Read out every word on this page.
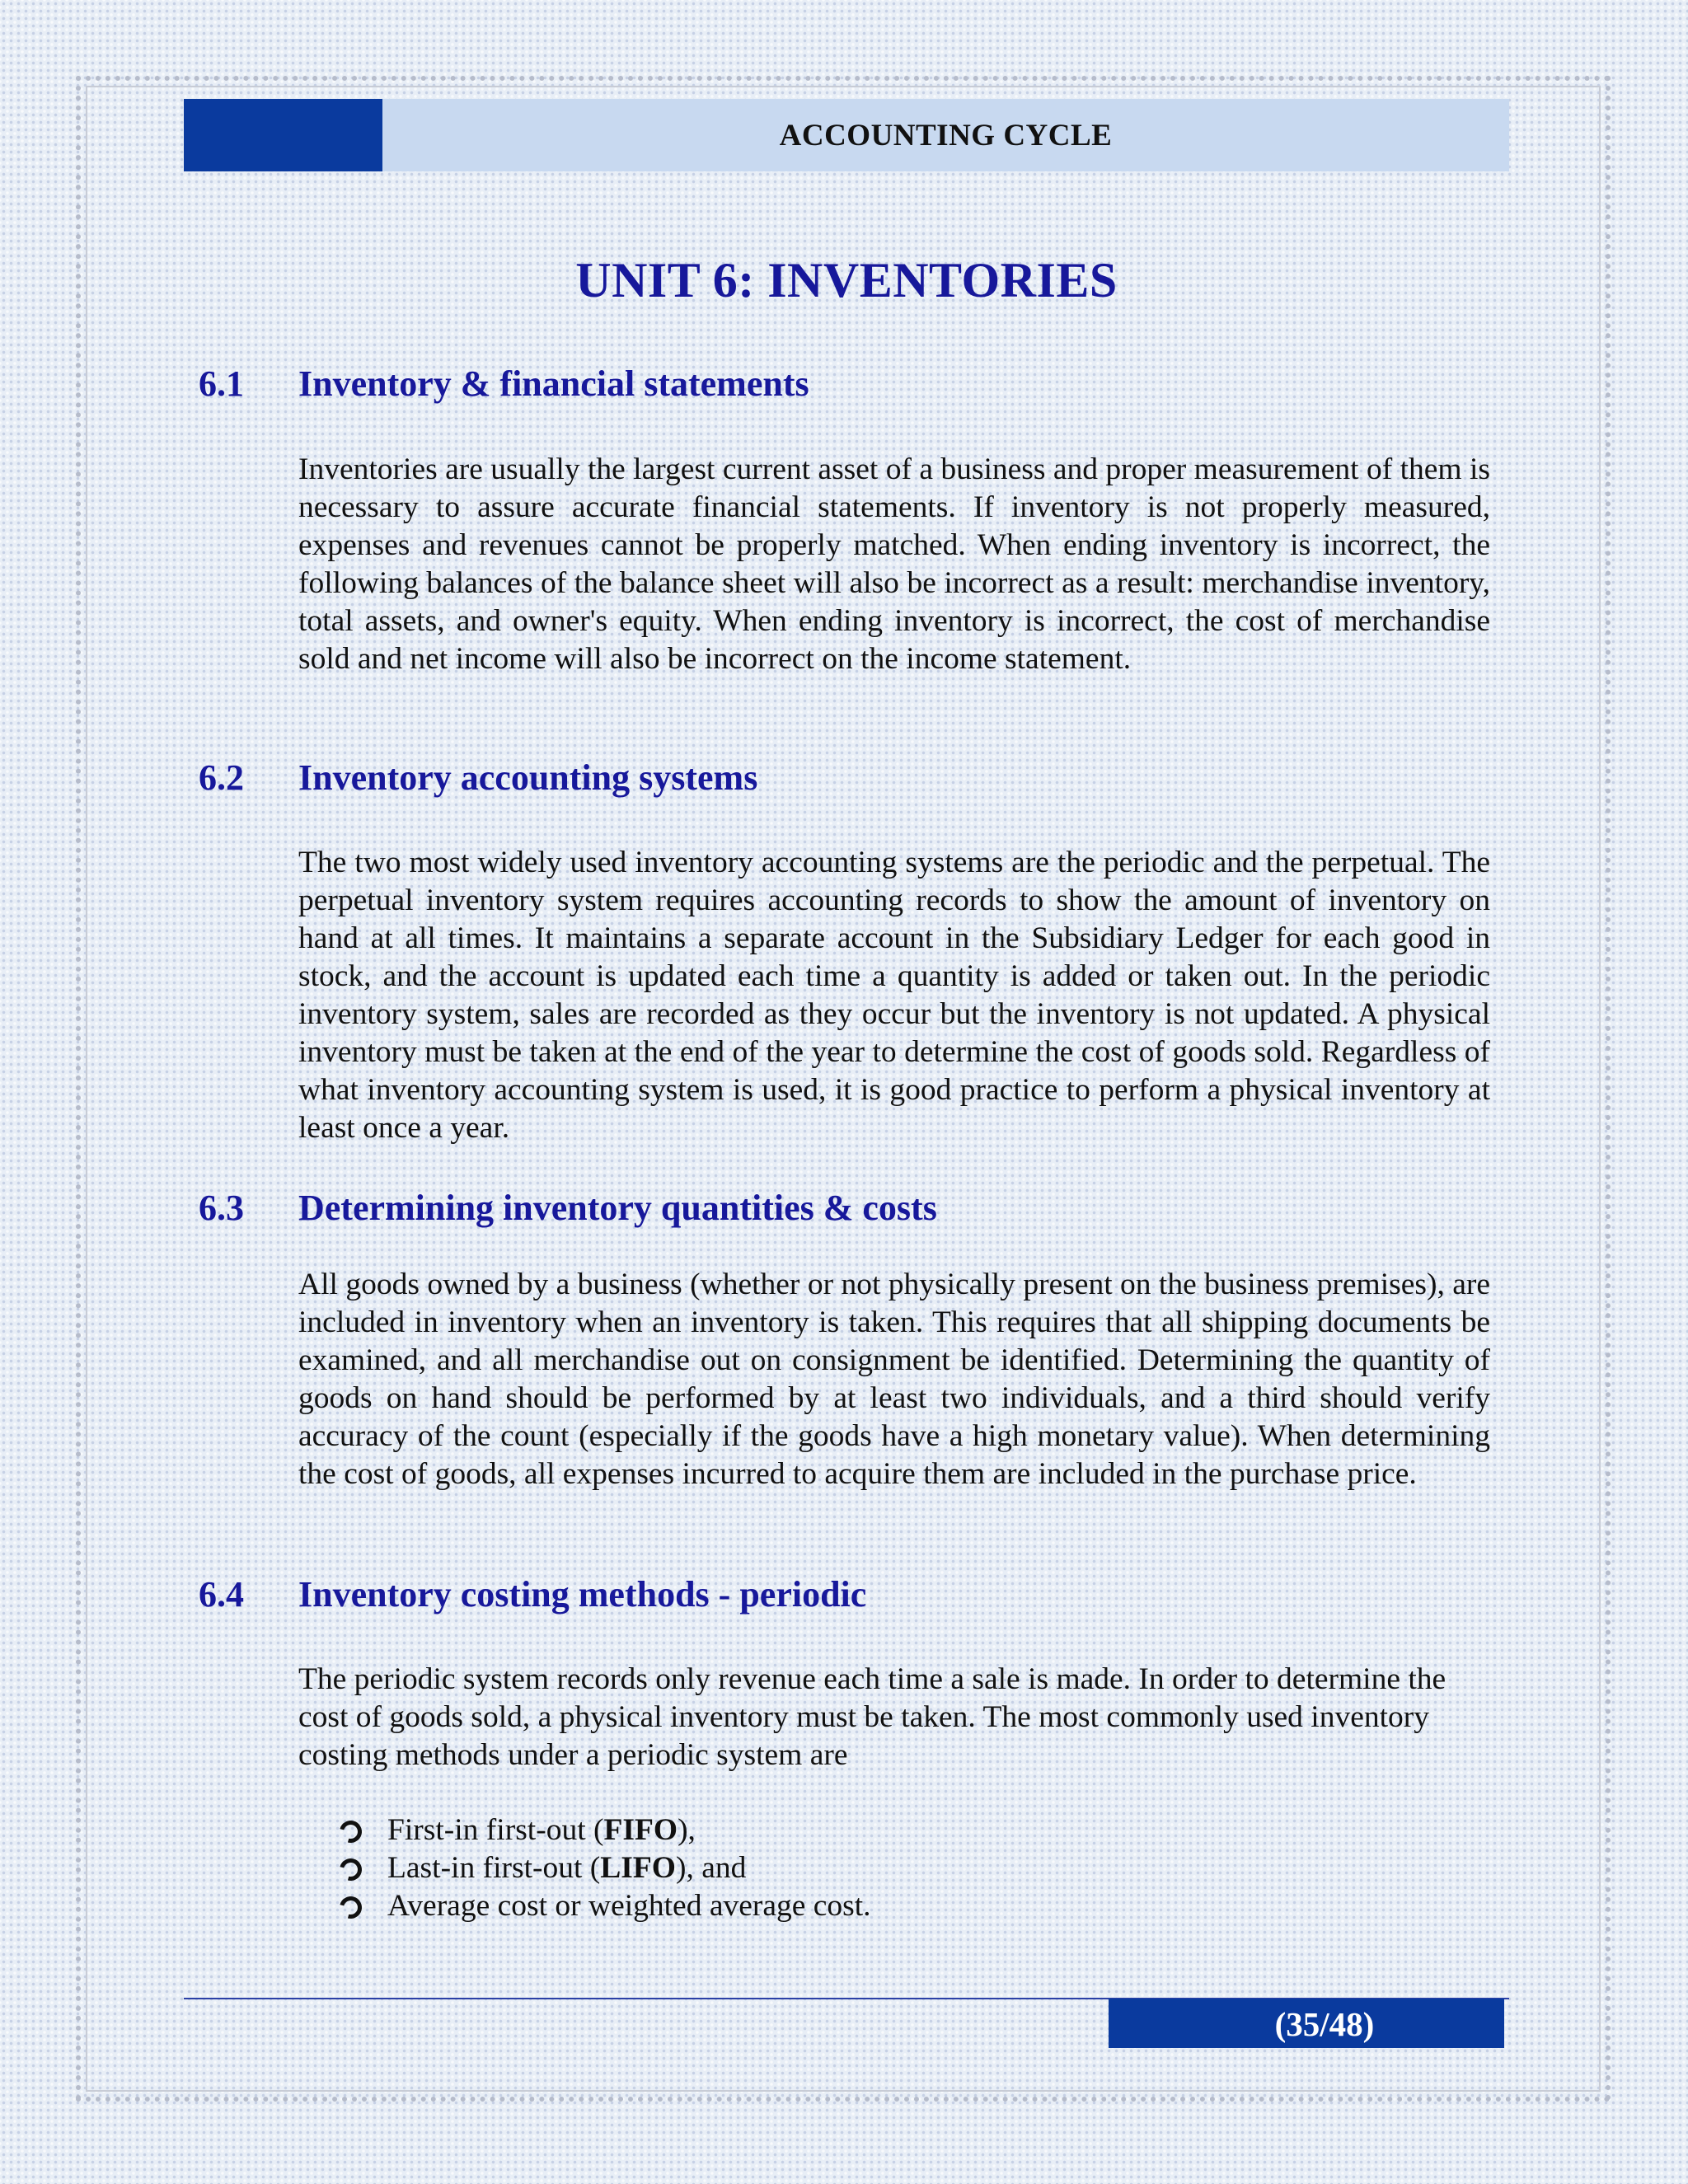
ACCOUNTING CYCLE
UNIT 6: INVENTORIES
6.1 Inventory & financial statements
Inventories are usually the largest current asset of a business and proper measurement of them is necessary to assure accurate financial statements. If inventory is not properly measured, expenses and revenues cannot be properly matched. When ending inventory is incorrect, the following balances of the balance sheet will also be incorrect as a result: merchandise inventory, total assets, and owner's equity. When ending inventory is incorrect, the cost of merchandise sold and net income will also be incorrect on the income statement.
6.2 Inventory accounting systems
The two most widely used inventory accounting systems are the periodic and the perpetual. The perpetual inventory system requires accounting records to show the amount of inventory on hand at all times. It maintains a separate account in the Subsidiary Ledger for each good in stock, and the account is updated each time a quantity is added or taken out. In the periodic inventory system, sales are recorded as they occur but the inventory is not updated. A physical inventory must be taken at the end of the year to determine the cost of goods sold. Regardless of what inventory accounting system is used, it is good practice to perform a physical inventory at least once a year.
6.3 Determining inventory quantities & costs
All goods owned by a business (whether or not physically present on the business premises), are included in inventory when an inventory is taken. This requires that all shipping documents be examined, and all merchandise out on consignment be identified. Determining the quantity of goods on hand should be performed by at least two individuals, and a third should verify accuracy of the count (especially if the goods have a high monetary value). When determining the cost of goods, all expenses incurred to acquire them are included in the purchase price.
6.4 Inventory costing methods - periodic
The periodic system records only revenue each time a sale is made. In order to determine the cost of goods sold, a physical inventory must be taken. The most commonly used inventory costing methods under a periodic system are
First-in first-out (FIFO),
Last-in first-out (LIFO), and
Average cost or weighted average cost.
(35/48)
